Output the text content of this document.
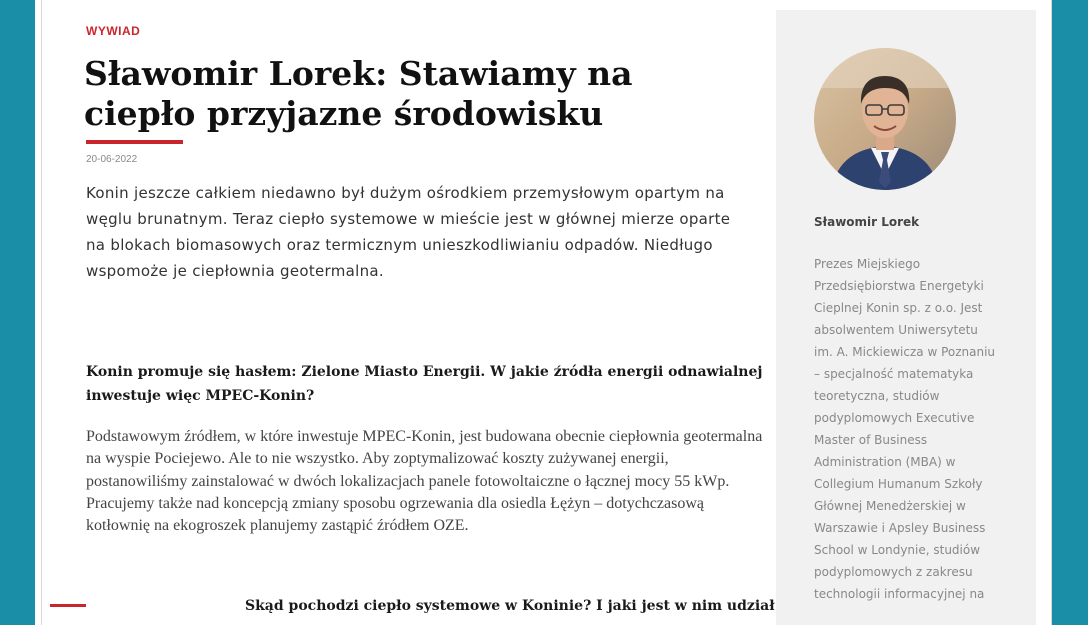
WYWIAD
Sławomir Lorek: Stawiamy na ciepło przyjazne środowisku
20-06-2022

Konin jeszcze całkiem niedawno był dużym ośrodkiem przemysłowym opartym na węglu brunatnym. Teraz ciepło systemowe w mieście jest w głównej mierze oparte na blokach biomasowych oraz termicznym unieszkodliwianiu odpadów. Niedługo wspomoże je ciepłownia geotermalna.

Konin promuje się hasłem: Zielone Miasto Energii. W jakie źródła energii odnawialnej inwestuje więc MPEC-Konin?

Podstawowym źródłem, w które inwestuje MPEC-Konin, jest budowana obecnie ciepłownia geotermalna na wyspie Pociejewo. Ale to nie wszystko. Aby zoptymalizować koszty zużywanej energii, postanowiliśmy zainstalować w dwóch lokalizacjach panele fotowoltaiczne o łącznej mocy 55 kWp. Pracujemy także nad koncepcją zmiany sposobu ogrzewania dla osiedla Łężyn – dotychczasową kotłownię na ekogroszek planujemy zastąpić źródłem OZE.

Skąd pochodzi ciepło systemowe w Koninie? I jaki jest w nim udział

Sławomir Lorek

Prezes Miejskiego Przedsiębiorstwa Energetyki Cieplnej Konin sp. z o.o. Jest absolwentem Uniwersytetu im. A. Mickiewicza w Poznaniu – specjalność matematyka teoretyczna, studiów podyplomowych Executive Master of Business Administration (MBA) w Collegium Humanum Szkoły Głównej Menedżerskiej w Warszawie i Apsley Business School w Londynie, studiów podyplomowych z zakresu technologii informacyjnej na
